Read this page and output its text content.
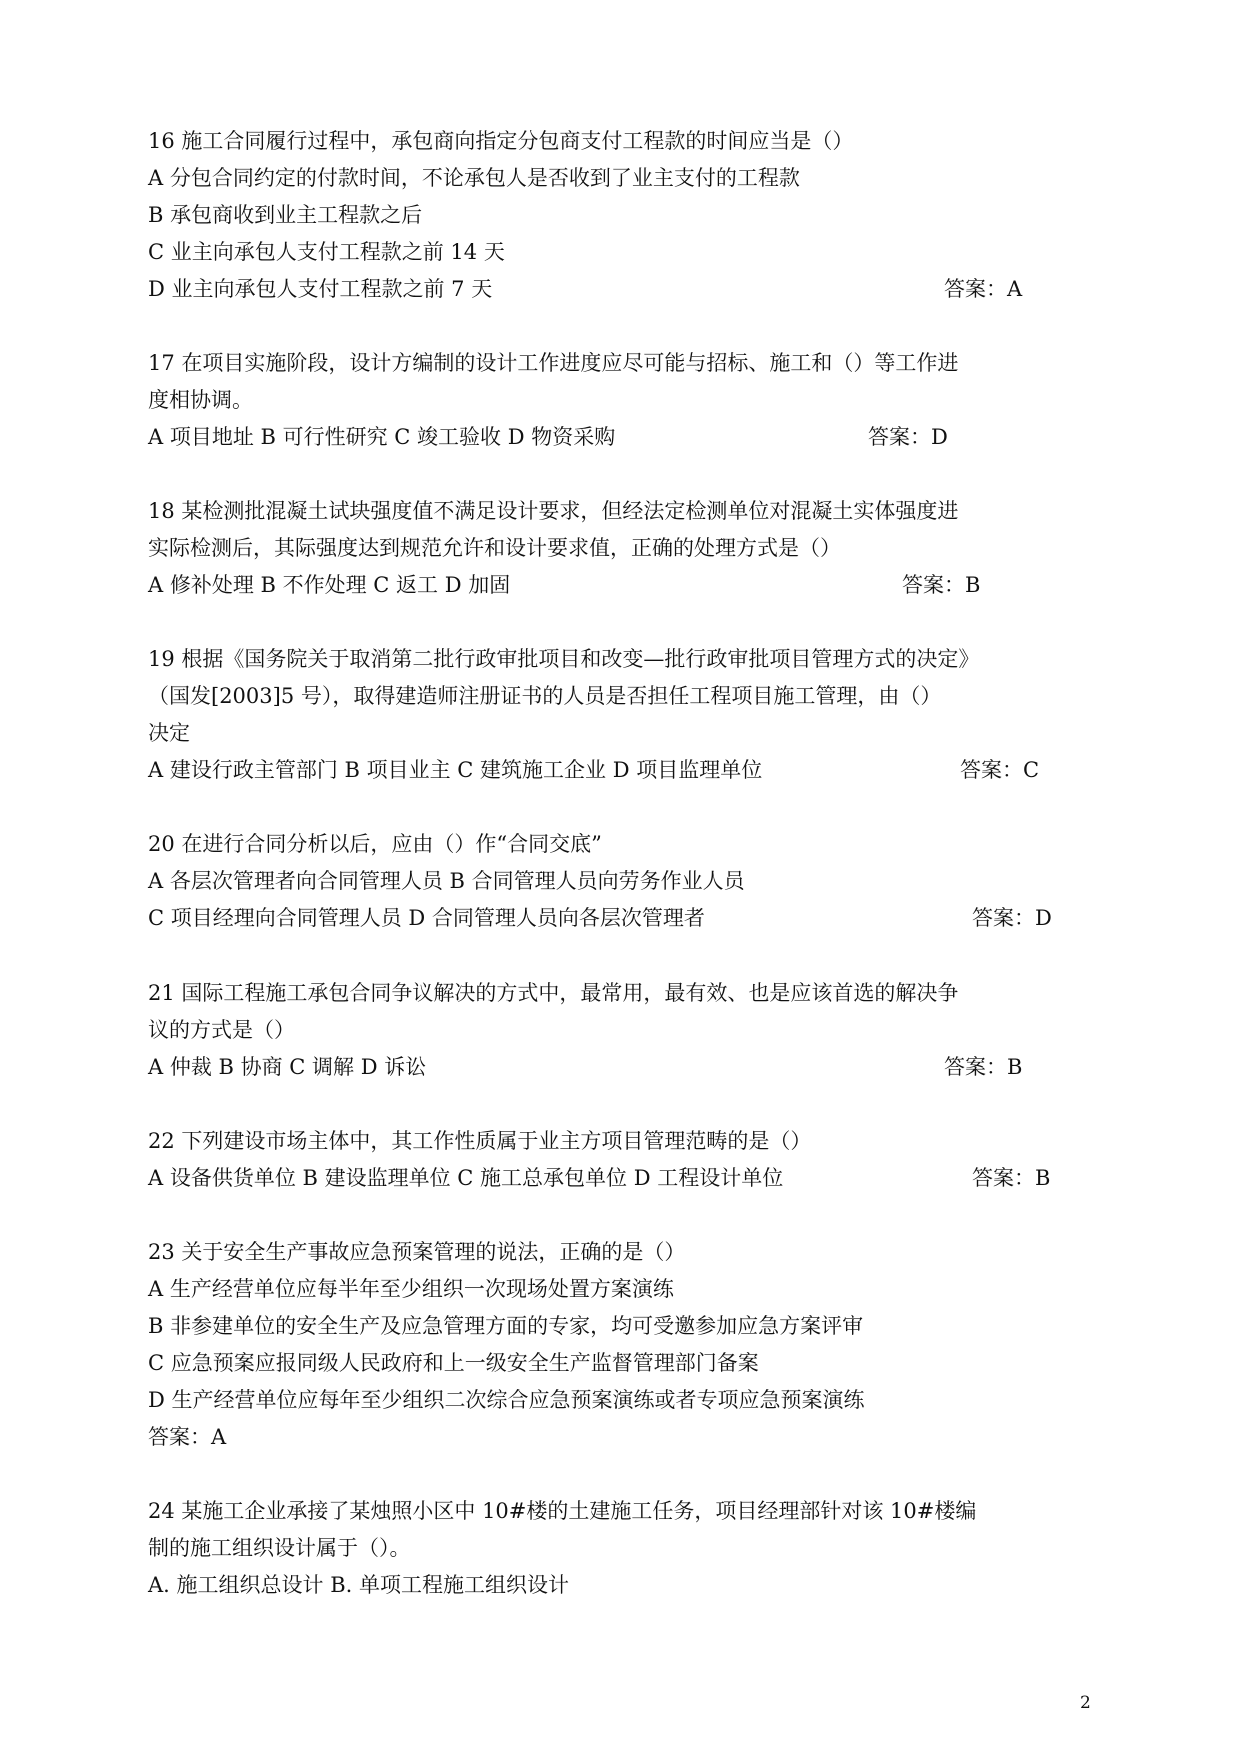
16 施工合同履行过程中，承包商向指定分包商支付工程款的时间应当是（）
A 分包合同约定的付款时间，不论承包人是否收到了业主支付的工程款
B 承包商收到业主工程款之后
C 业主向承包人支付工程款之前 14 天
D 业主向承包人支付工程款之前 7 天	答案：A
17 在项目实施阶段，设计方编制的设计工作进度应尽可能与招标、施工和（）等工作进
度相协调。
A 项目地址 B 可行性研究 C 竣工验收 D 物资采购	答案：D
18 某检测批混凝土试块强度值不满足设计要求，但经法定检测单位对混凝土实体强度进
实际检测后，其际强度达到规范允许和设计要求值，正确的处理方式是（）
A 修补处理 B 不作处理 C 返工 D 加固	答案：B
19 根据《国务院关于取消第二批行政审批项目和改变—批行政审批项目管理方式的决定》
（国发[2003]5 号），取得建造师注册证书的人员是否担任工程项目施工管理，由（）
决定
A 建设行政主管部门 B 项目业主 C 建筑施工企业 D 项目监理单位	答案：C
20 在进行合同分析以后，应由（）作“合同交底”
A 各层次管理者向合同管理人员 B 合同管理人员向劳务作业人员
C 项目经理向合同管理人员 D 合同管理人员向各层次管理者	答案：D
21 国际工程施工承包合同争议解决的方式中，最常用，最有效、也是应该首选的解决争
议的方式是（）
A 仲裁 B 协商 C 调解 D 诉讼	答案：B
22 下列建设市场主体中，其工作性质属于业主方项目管理范畴的是（）
A 设备供货单位 B 建设监理单位 C 施工总承包单位 D 工程设计单位	答案：B
23 关于安全生产事故应急预案管理的说法，正确的是（）
A 生产经营单位应每半年至少组织一次现场处置方案演练
B 非参建单位的安全生产及应急管理方面的专家，均可受邀参加应急方案评审
C 应急预案应报同级人民政府和上一级安全生产监督管理部门备案
D 生产经营单位应每年至少组织二次综合应急预案演练或者专项应急预案演练
答案：A
24 某施工企业承接了某烛照小区中 10#楼的土建施工任务，项目经理部针对该 10#楼编
制的施工组织设计属于（）。
A. 施工组织总设计 B. 单项工程施工组织设计
2
